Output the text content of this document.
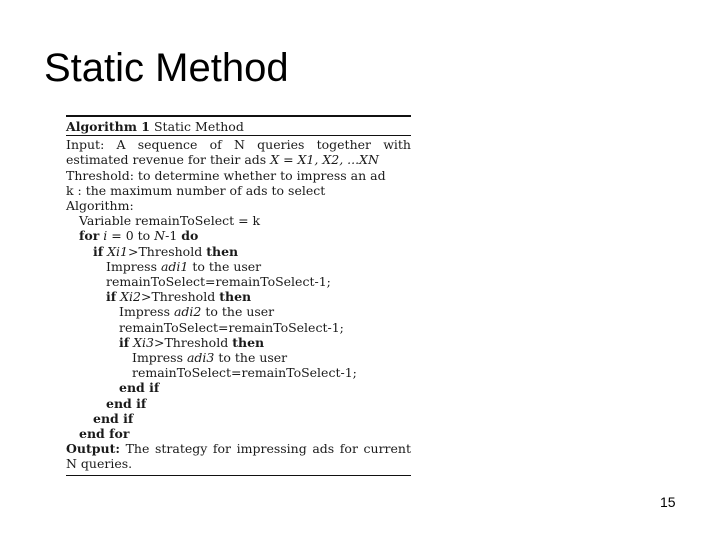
Static Method
Algorithm 1 Static Method
Input: A sequence of N queries together with estimated revenue for their ads X = X1, X2, ...XN
Threshold: to determine whether to impress an ad
k : the maximum number of ads to select
Algorithm:
Variable remainToSelect = k
for i = 0 to N-1 do
if Xi1>Threshold then
Impress adi1 to the user
remainToSelect=remainToSelect-1;
if Xi2>Threshold then
Impress adi2 to the user
remainToSelect=remainToSelect-1;
if Xi3>Threshold then
Impress adi3 to the user
remainToSelect=remainToSelect-1;
end if
end if
end if
end for
Output: The strategy for impressing ads for current N queries.
15
